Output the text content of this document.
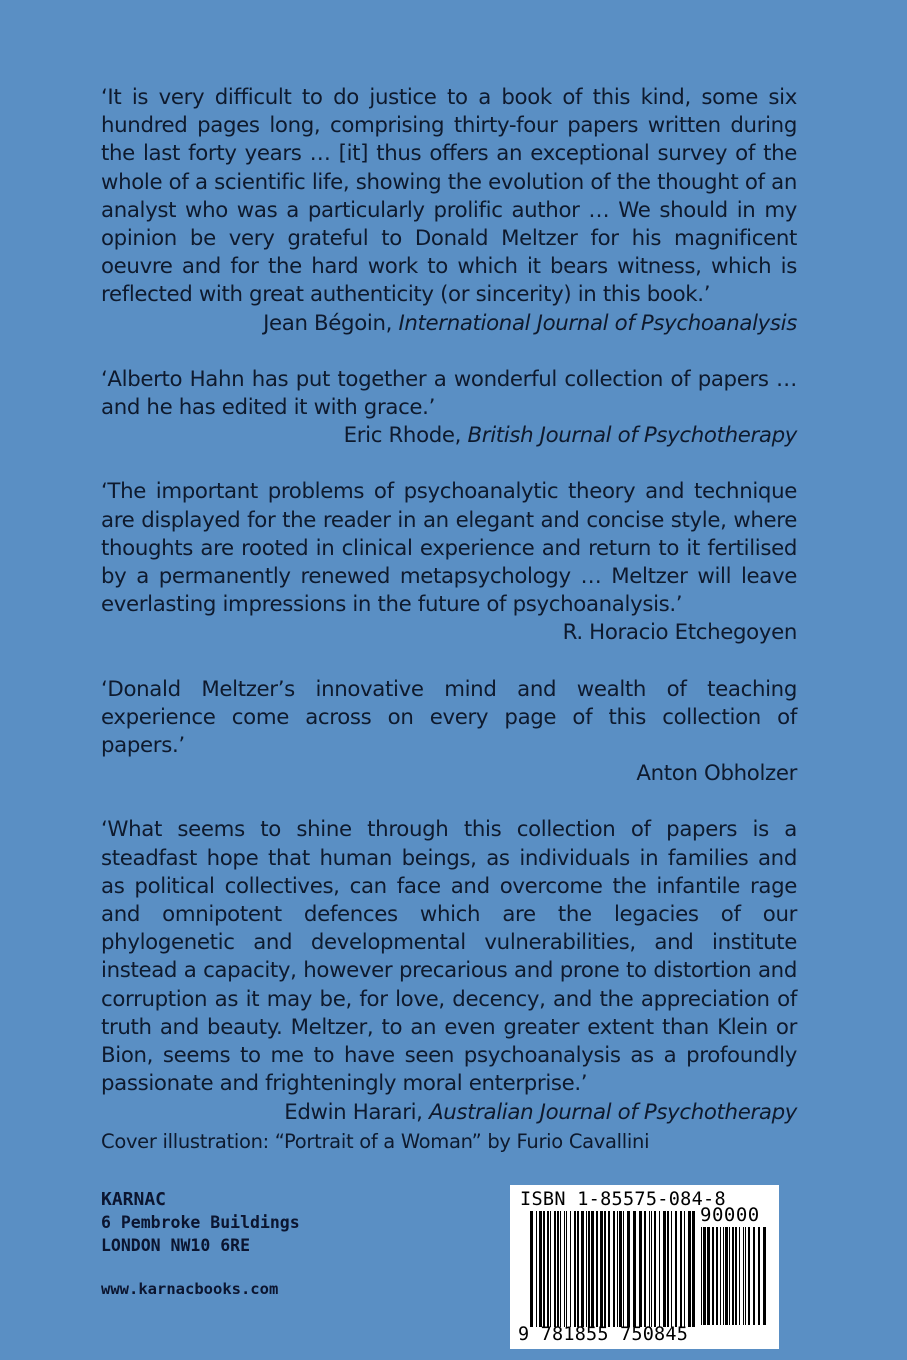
‘It is very difficult to do justice to a book of this kind, some six hundred pages long, comprising thirty-four papers written during the last forty years … [it] thus offers an exceptional survey of the whole of a scientific life, showing the evolution of the thought of an analyst who was a particularly prolific author … We should in my opinion be very grateful to Donald Meltzer for his magnificent oeuvre and for the hard work to which it bears witness, which is reflected with great authenticity (or sincerity) in this book.’

Jean Bégoin, International Journal of Psychoanalysis

‘Alberto Hahn has put together a wonderful collection of papers … and he has edited it with grace.’

Eric Rhode, British Journal of Psychotherapy

‘The important problems of psychoanalytic theory and technique are displayed for the reader in an elegant and concise style, where thoughts are rooted in clinical experience and return to it fertilised by a permanently renewed metapsychology … Meltzer will leave everlasting impressions in the future of psychoanalysis.’

R. Horacio Etchegoyen

‘Donald Meltzer’s innovative mind and wealth of teaching experience come across on every page of this collection of papers.’

Anton Obholzer

‘What seems to shine through this collection of papers is a steadfast hope that human beings, as individuals in families and as political collectives, can face and overcome the infantile rage and omnipotent defences which are the legacies of our phylogenetic and developmental vulnerabilities, and institute instead a capacity, however precarious and prone to distortion and corruption as it may be, for love, decency, and the appreciation of truth and beauty. Meltzer, to an even greater extent than Klein or Bion, seems to me to have seen psychoanalysis as a profoundly passionate and frighteningly moral enterprise.’

Edwin Harari, Australian Journal of Psychotherapy

Cover illustration: “Portrait of a Woman” by Furio Cavallini
KARNAC
6 Pembroke Buildings
LONDON NW10 6RE
www.karnacbooks.com
ISBN 1-85575-084-8
90000
9 781855 750845
